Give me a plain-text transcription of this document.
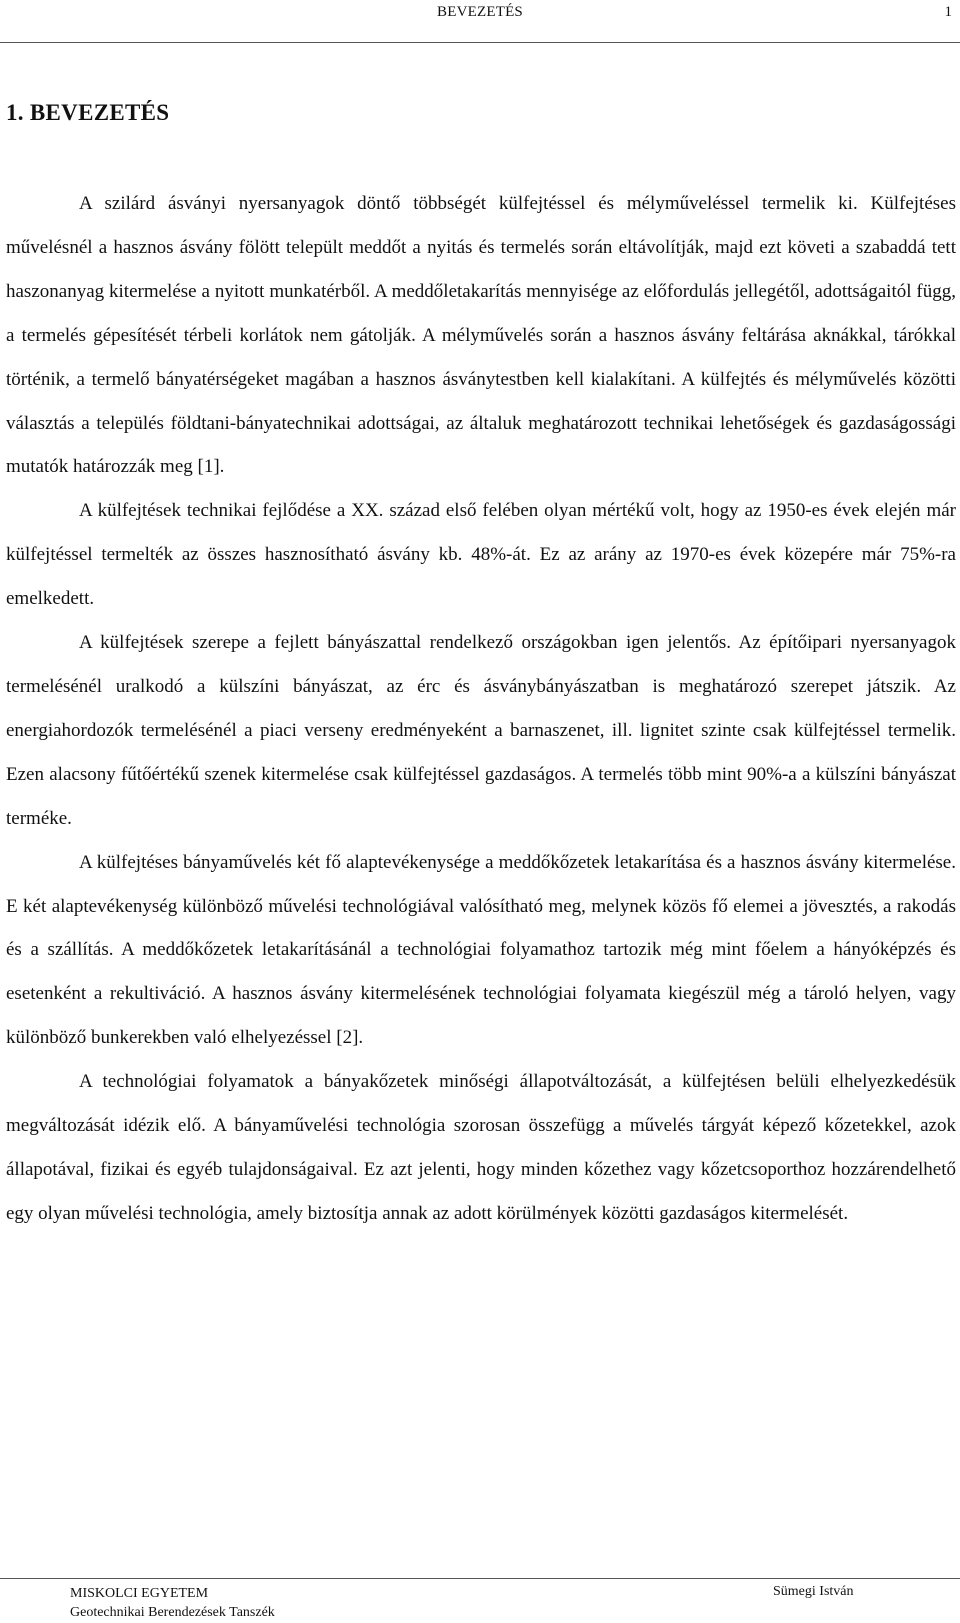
BEVEZETÉS	1
1. BEVEZETÉS

A szilárd ásványi nyersanyagok döntő többségét külfejtéssel és mélyműveléssel termelik ki. Külfejtéses művelésnél a hasznos ásvány fölött települt meddőt a nyitás és termelés során eltávolítják, majd ezt követi a szabaddá tett haszonanyag kitermelése a nyitott munkatérből. A meddőletakarítás mennyisége az előfordulás jellegétől, adottságaitól függ, a termelés gépesítését térbeli korlátok nem gátolják. A mélyművelés során a hasznos ásvány feltárása aknákkal, tárókkal történik, a termelő bányatérségeket magában a hasznos ásványtestben kell kialakítani. A külfejtés és mélyművelés közötti választás a település földtani-bányatechnikai adottságai, az általuk meghatározott technikai lehetőségek és gazdaságossági mutatók határozzák meg [1].

A külfejtések technikai fejlődése a XX. század első felében olyan mértékű volt, hogy az 1950-es évek elején már külfejtéssel termelték az összes hasznosítható ásvány kb. 48%-át. Ez az arány az 1970-es évek közepére már 75%-ra emelkedett.

A külfejtések szerepe a fejlett bányászattal rendelkező országokban igen jelentős. Az építőipari nyersanyagok termelésénél uralkodó a külszíni bányászat, az érc és ásványbányászatban is meghatározó szerepet játszik. Az energiahordozók termelésénél a piaci verseny eredményeként a barnaszenet, ill. lignitet szinte csak külfejtéssel termelik. Ezen alacsony fűtőértékű szenek kitermelése csak külfejtéssel gazdaságos. A termelés több mint 90%-a a külszíni bányászat terméke.

A külfejtéses bányaművelés két fő alaptevékenysége a meddőkőzetek letakarítása és a hasznos ásvány kitermelése. E két alaptevékenység különböző művelési technológiával valósítható meg, melynek közös fő elemei a jövesztés, a rakodás és a szállítás. A meddőkőzetek letakarításánál a technológiai folyamathoz tartozik még mint főelem a hányóképzés és esetenként a rekultiváció. A hasznos ásvány kitermelésének technológiai folyamata kiegészül még a tároló helyen, vagy különböző bunkerekben való elhelyezéssel [2].

A technológiai folyamatok a bányakőzetek minőségi állapotváltozását, a külfejtésen belüli elhelyezkedésük megváltozását idézik elő. A bányaművelési technológia szorosan összefügg a művelés tárgyát képező kőzetekkel, azok állapotával, fizikai és egyéb tulajdonságaival. Ez azt jelenti, hogy minden kőzethez vagy kőzetcsoporthoz hozzárendelhető egy olyan művelési technológia, amely biztosítja annak az adott körülmények közötti gazdaságos kitermelését.

MISKOLCI EGYETEM
Geotechnikai Berendezések Tanszék
Sümegi István
